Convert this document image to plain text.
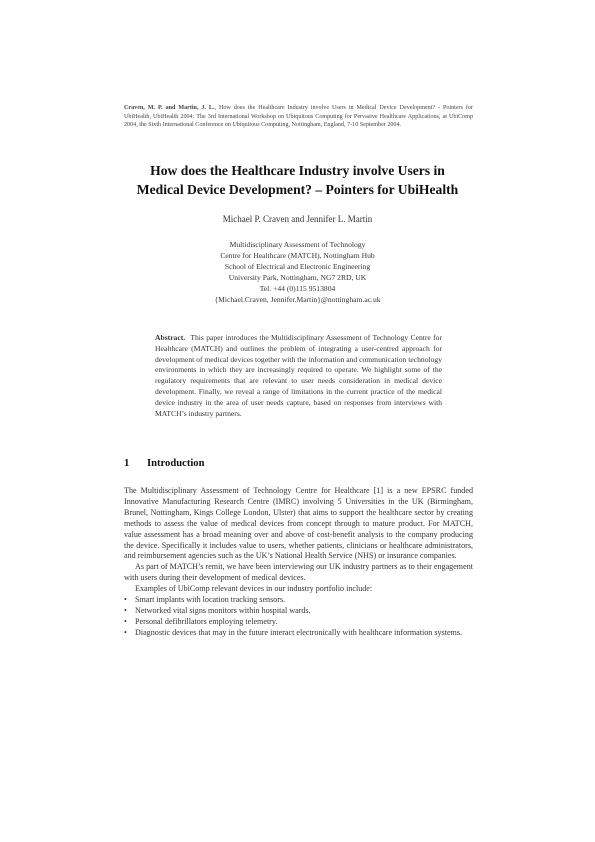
Craven, M. P. and Martin, J. L., How does the Healthcare Industry involve Users in Medical Device Development? - Pointers for UbiHealth, UbiHealth 2004: The 3rd International Workshop on Ubiquitous Computing for Pervasive Healthcare Applications, at UbiComp 2004, the Sixth International Conference on Ubiquitous Computing, Nottingham, England, 7-10 September 2004.
How does the Healthcare Industry involve Users in
Medical Device Development? – Pointers for UbiHealth
Michael P. Craven and Jennifer L. Martin
Multidisciplinary Assessment of Technology
Centre for Healthcare (MATCH), Nottingham Hub
School of Electrical and Electronic Engineering
University Park, Nottingham, NG7 2RD, UK
Tel. +44 (0)115 9513804
{Michael.Craven, Jennifer.Martin}@nottingham.ac.uk
Abstract. This paper introduces the Multidisciplinary Assessment of Technology Centre for Healthcare (MATCH) and outlines the problem of integrating a user-centred approach for development of medical devices together with the information and communication technology environments in which they are increasingly required to operate. We highlight some of the regulatory requirements that are relevant to user needs consideration in medical device development. Finally, we reveal a range of limitations in the current practice of the medical device industry in the area of user needs capture, based on responses from interviews with MATCH’s industry partners.
1 Introduction

The Multidisciplinary Assessment of Technology Centre for Healthcare [1] is a new EPSRC funded Innovative Manufacturing Research Centre (IMRC) involving 5 Universities in the UK (Birmingham, Brunel, Nottingham, Kings College London, Ulster) that aims to support the healthcare sector by creating methods to assess the value of medical devices from concept through to mature product. For MATCH, value assessment has a broad meaning over and above of cost-benefit analysis to the company producing the device. Specifically it includes value to users, whether patients, clinicians or healthcare administrators, and reimbursement agencies such as the UK’s National Health Service (NHS) or insurance companies.

As part of MATCH’s remit, we have been interviewing our UK industry partners as to their engagement with users during their development of medical devices.

Examples of UbiComp relevant devices in our industry portfolio include:

• Smart implants with location tracking sensors.
• Networked vital signs monitors within hospital wards.
• Personal defibrillators employing telemetry.
• Diagnostic devices that may in the future interact electronically with healthcare information systems.
